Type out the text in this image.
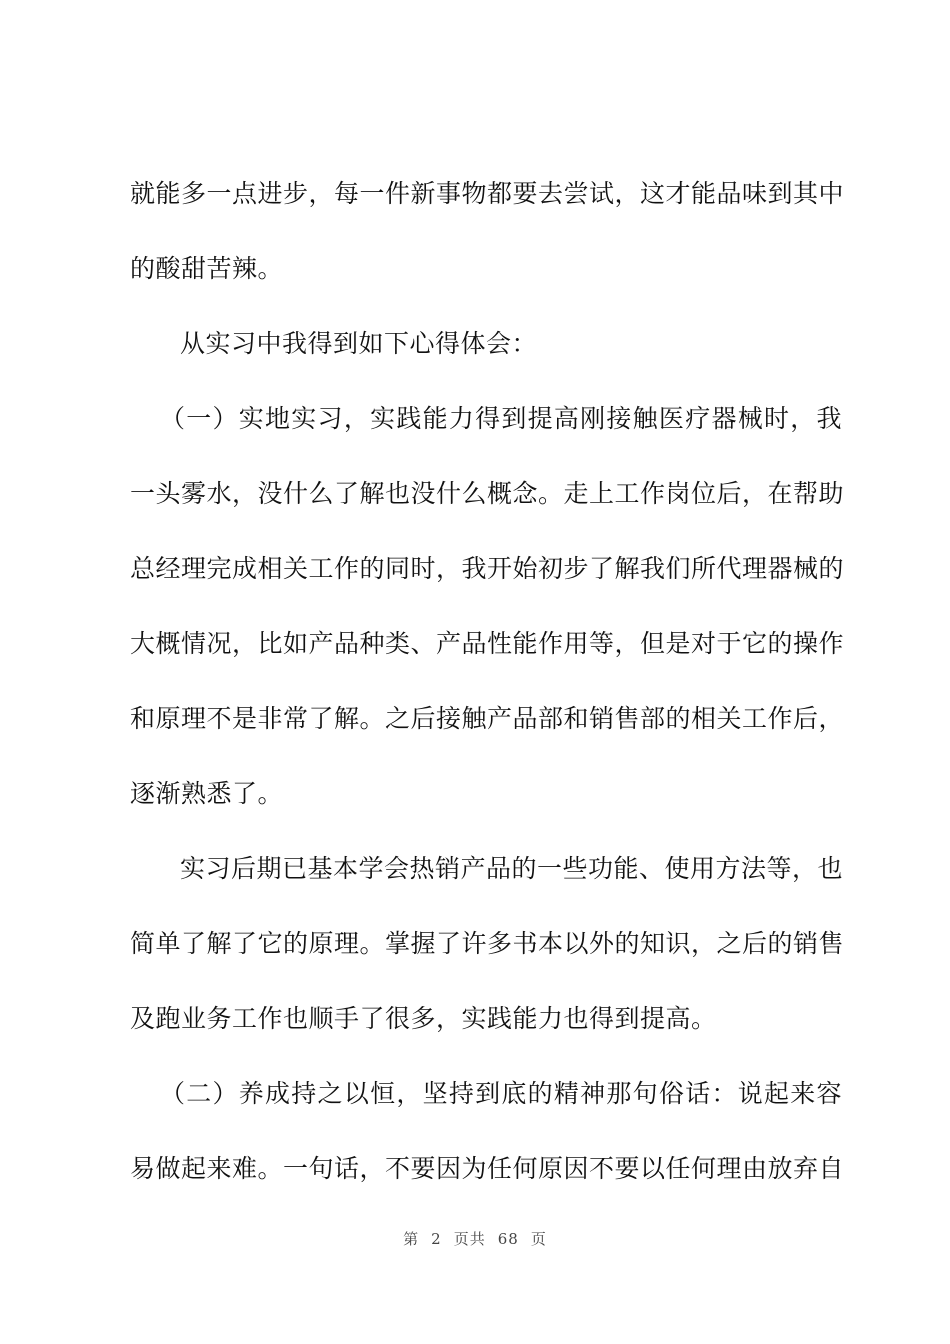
就能多一点进步，每一件新事物都要去尝试，这才能品味到其中
的酸甜苦辣。
从实习中我得到如下心得体会：
（一）实地实习，实践能力得到提高刚接触医疗器械时，我
一头雾水，没什么了解也没什么概念。走上工作岗位后，在帮助
总经理完成相关工作的同时，我开始初步了解我们所代理器械的
大概情况，比如产品种类、产品性能作用等，但是对于它的操作
和原理不是非常了解。之后接触产品部和销售部的相关工作后，
逐渐熟悉了。
实习后期已基本学会热销产品的一些功能、使用方法等，也
简单了解了它的原理。掌握了许多书本以外的知识，之后的销售
及跑业务工作也顺手了很多，实践能力也得到提高。
（二）养成持之以恒，坚持到底的精神那句俗话：说起来容
易做起来难。一句话，不要因为任何原因不要以任何理由放弃自
第 2 页共 68 页
